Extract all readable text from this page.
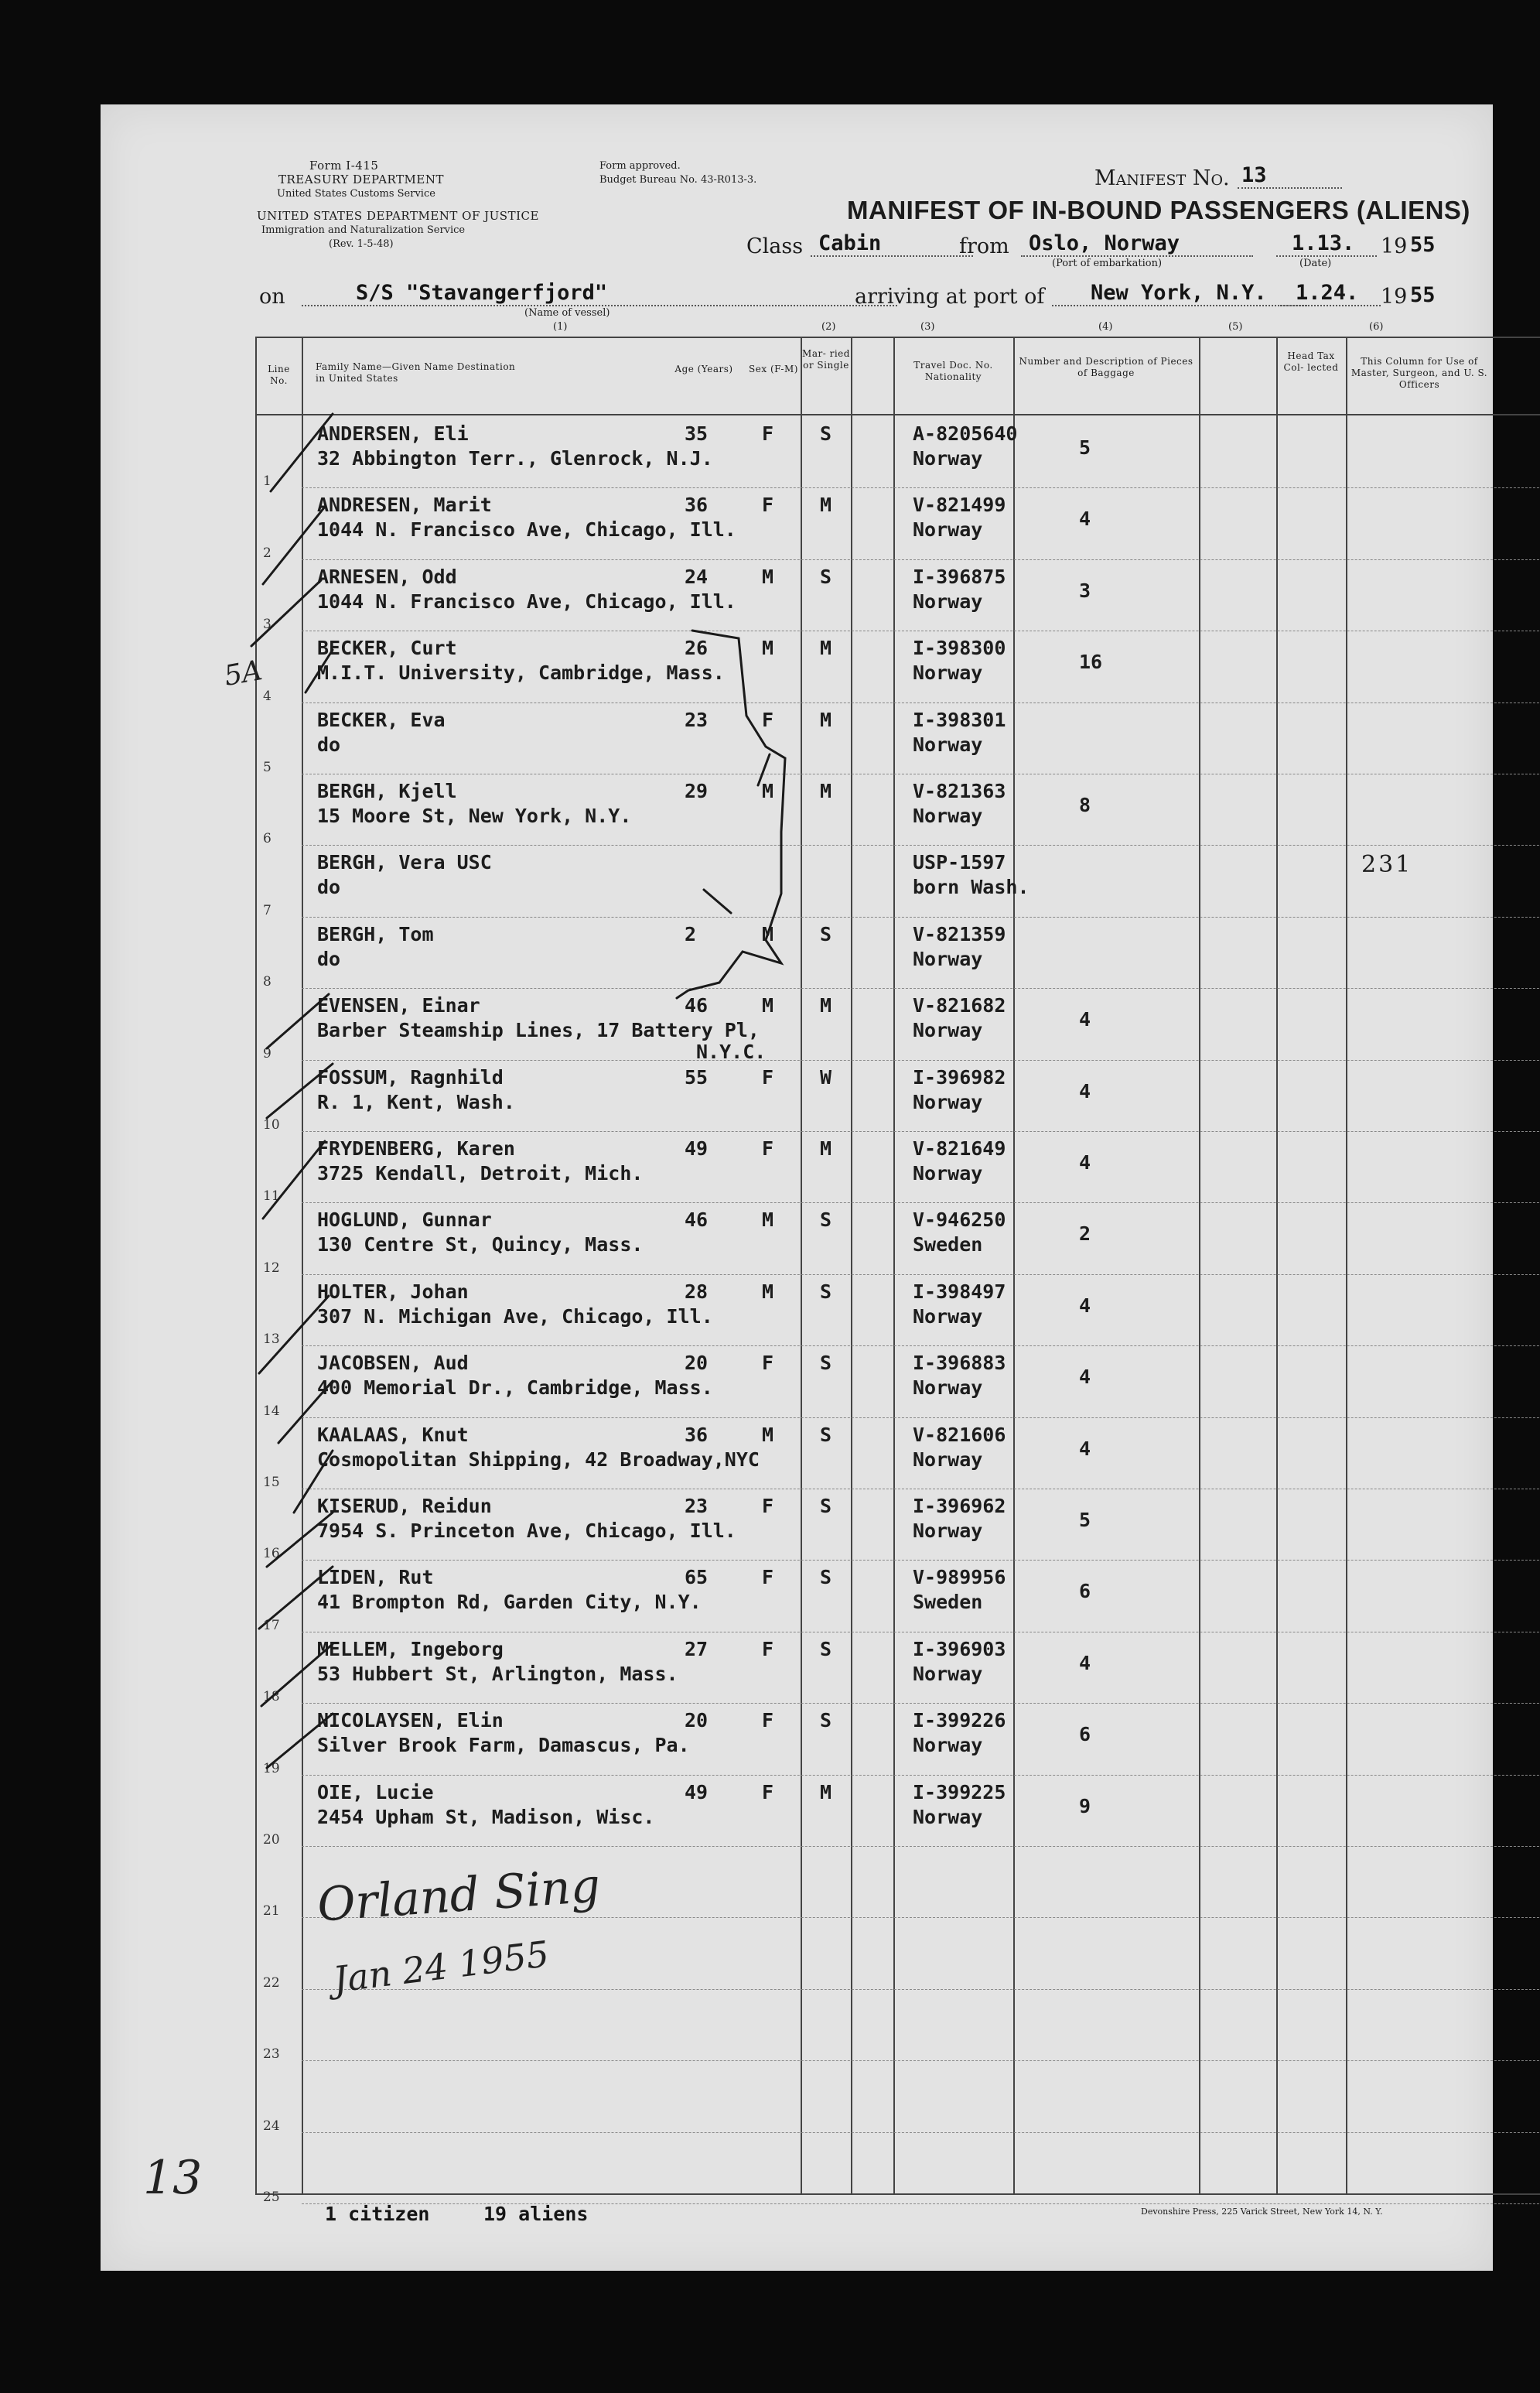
Form I-415
TREASURY DEPARTMENT
United States Customs Service
UNITED STATES DEPARTMENT OF JUSTICE
Immigration and Naturalization Service
(Rev. 1-5-48)
Form approved.
Budget Bureau No. 43-R013-3.	Manifest No. 13
MANIFEST OF IN-BOUND PASSENGERS (ALIENS)
Class Cabin	from Oslo, Norway
(Port of embarkation)
1.13.	19 55
(Date)
on	S/S "Stavangerfjord"
(Name of vessel)
arriving at port of	New York, N.Y.	1.24.	19 55
(1)	(2)	(3)	(4)	(5)	(6)
Line No.
Family Name—Given Name Destination in United States
Age (Years)	Sex (F-M)
Mar- ried or Single	Travel Doc. No. Nationality
Number and Description of Pieces of Baggage
Head Tax Col- lected
This Column for Use of Master, Surgeon, and U. S. Officers
1
ANDERSEN, Eli
32 Abbington Terr., Glenrock, N.J.
35	F S	A-8205640
Norway	5
2
ANDRESEN, Marit
1044 N. Francisco Ave, Chicago, Ill.
36	F M	V-821499
Norway	4
3
ARNESEN, Odd
1044 N. Francisco Ave, Chicago, Ill.
24	M S	I-396875
Norway	3
4
BECKER, Curt
M.I.T. University, Cambridge, Mass.
26	M M	I-398300
Norway	16
5
BECKER, Eva
do
23	F M	I-398301
Norway
6
BERGH, Kjell
15 Moore St, New York, N.Y.
29	M M	V-821363
Norway	8
7
BERGH, Vera USC
do
USP-1597
born Wash.
8
BERGH, Tom
do
2	M S	V-821359
Norway
9
EVENSEN, Einar
Barber Steamship Lines, 17 Battery Pl,
N.Y.C.
46	M M	V-821682
Norway	4
10
FOSSUM, Ragnhild
R. 1, Kent, Wash.
55	F W	I-396982
Norway	4
11
FRYDENBERG, Karen
3725 Kendall, Detroit, Mich.
49	F M	V-821649
Norway	4
12
HOGLUND, Gunnar
130 Centre St, Quincy, Mass.
46	M S	V-946250
Sweden	2
13
HOLTER, Johan
307 N. Michigan Ave, Chicago, Ill.
28	M S	I-398497
Norway	4
14
JACOBSEN, Aud
400 Memorial Dr., Cambridge, Mass.
20	F S	I-396883
Norway	4
15
KAALAAS, Knut
Cosmopolitan Shipping, 42 Broadway,NYC
36	M S	V-821606
Norway	4
16
KISERUD, Reidun
7954 S. Princeton Ave, Chicago, Ill.
23	F S	I-396962
Norway	5
17
LIDEN, Rut
41 Brompton Rd, Garden City, N.Y.
65	F S	V-989956
Sweden	6
18
MELLEM, Ingeborg
53 Hubbert St, Arlington, Mass.
27	F S	I-396903
Norway	4
19
NICOLAYSEN, Elin
Silver Brook Farm, Damascus, Pa.
20	F S	I-399226
Norway	6
20
OIE, Lucie
2454 Upham St, Madison, Wisc.
49	F M	I-399225
Norway	9
21
22
23
24
25
231
5A
Orland Sing
Jan 24 1955
13
1 citizen	19 aliens	Devonshire Press, 225 Varick Street, New York 14, N. Y.
